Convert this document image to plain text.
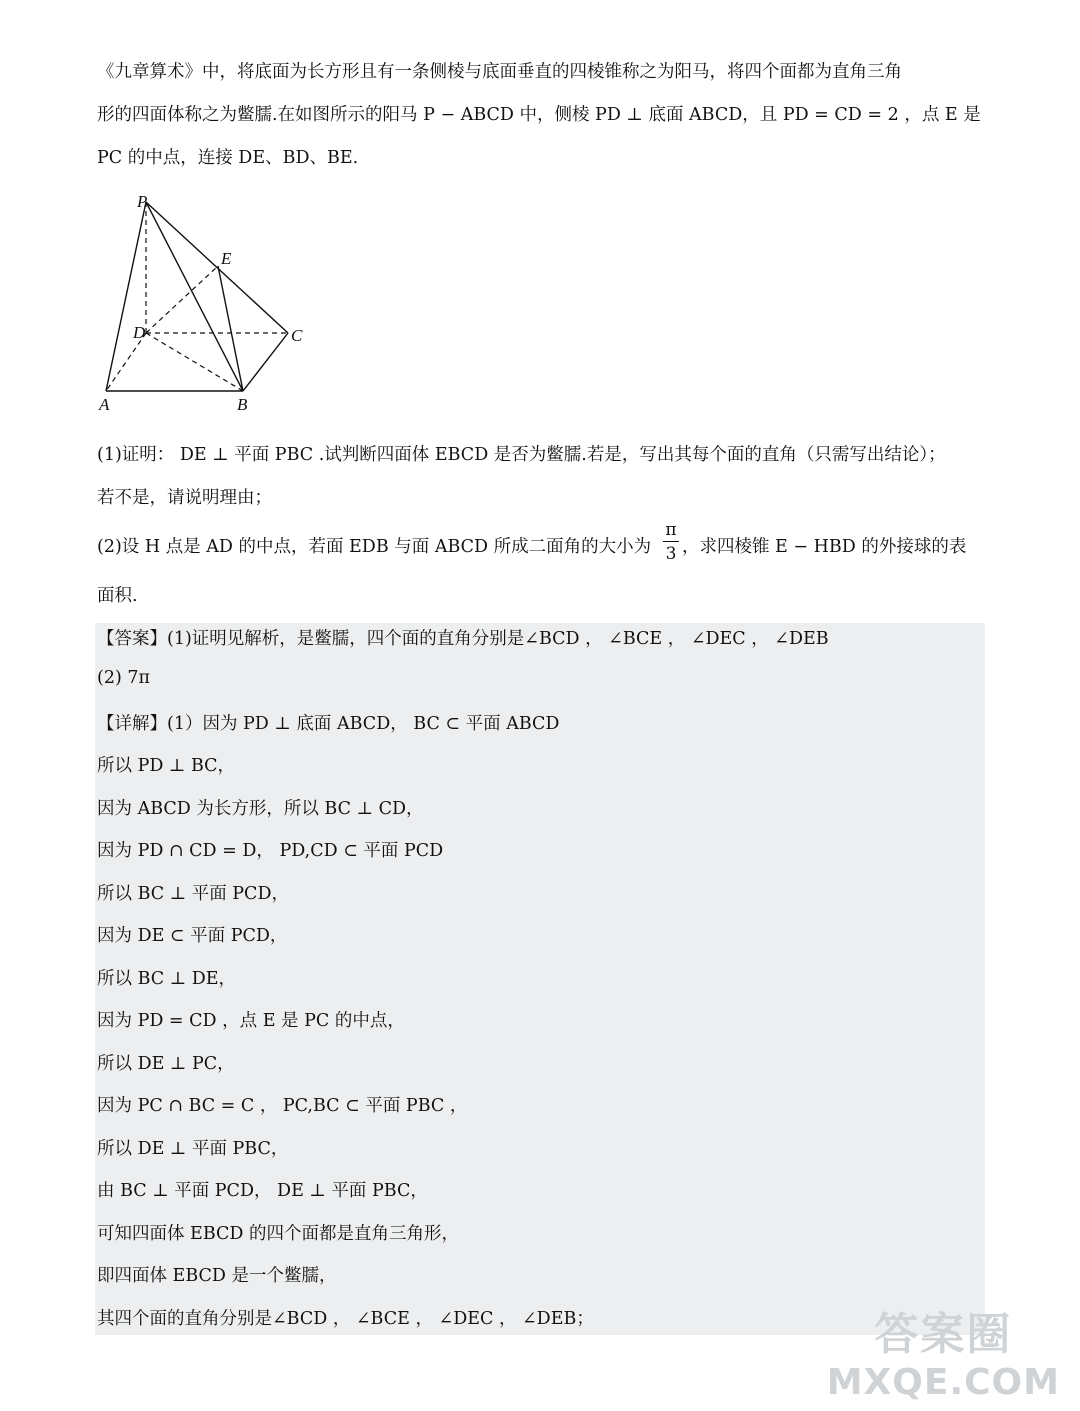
《九章算术》中，将底面为长方形且有一条侧棱与底面垂直的四棱锥称之为阳马，将四个面都为直角三角
形的四面体称之为鳖臑.在如图所示的阳马 P − ABCD 中，侧棱 PD ⊥ 底面 ABCD，且 PD = CD = 2 ，点 E 是
PC 的中点，连接 DE、BD、BE.
P
E
D	C
A	B
(1)证明： DE ⊥ 平面 PBC .试判断四面体 EBCD 是否为鳖臑.若是，写出其每个面的直角（只需写出结论）；
若不是，请说明理由；
(2)设 H 点是 AD 的中点，若面 EDB 与面 ABCD 所成二面角的大小为
π
3 ，求四棱锥 E − HBD 的外接球的表
面积.
【答案】(1)证明见解析，是鳖臑，四个面的直角分别是∠BCD ， ∠BCE ， ∠DEC ， ∠DEB
(2) 7π
【详解】(1）因为 PD ⊥ 底面 ABCD， BC ⊂ 平面 ABCD
所以 PD ⊥ BC，
因为 ABCD 为长方形，所以 BC ⊥ CD，
因为 PD ∩ CD = D， PD,CD ⊂ 平面 PCD
所以 BC ⊥ 平面 PCD，
因为 DE ⊂ 平面 PCD，
所以 BC ⊥ DE，
因为 PD = CD ，点 E 是 PC 的中点，
所以 DE ⊥ PC，
因为 PC ∩ BC = C ， PC,BC ⊂ 平面 PBC ，
所以 DE ⊥ 平面 PBC，
由 BC ⊥ 平面 PCD， DE ⊥ 平面 PBC，
可知四面体 EBCD 的四个面都是直角三角形，
即四面体 EBCD 是一个鳖臑，
其四个面的直角分别是∠BCD ， ∠BCE ， ∠DEC ， ∠DEB；	答案圈
MXQE.COM
